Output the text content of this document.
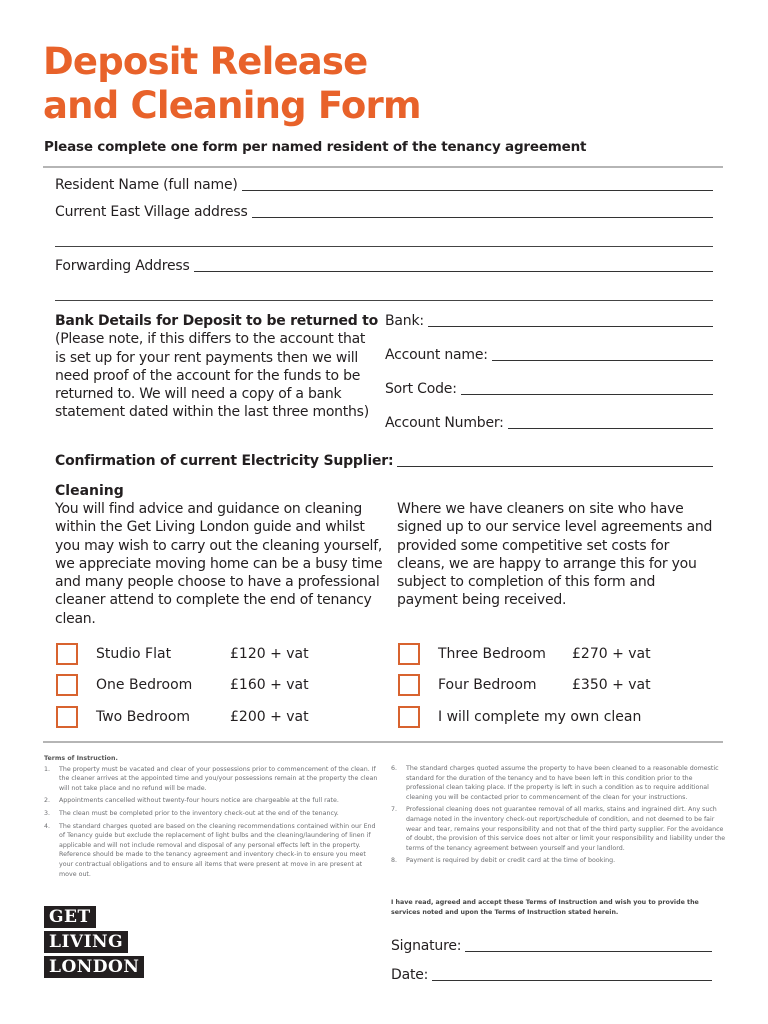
Deposit Release
and Cleaning Form
Please complete one form per named resident of the tenancy agreement
Resident Name (full name)
Current East Village address
Forwarding Address
Bank Details for Deposit to be returned to
(Please note, if this differs to the account that is set up for your rent payments then we will need proof of the account for the funds to be returned to. We will need a copy of a bank statement dated within the last three months)
Bank:
Account name:
Sort Code:
Account Number:
Confirmation of current Electricity Supplier:
Cleaning
You will find advice and guidance on cleaning within the Get Living London guide and whilst you may wish to carry out the cleaning yourself, we appreciate moving home can be a busy time and many people choose to have a professional cleaner attend to complete the end of tenancy clean.
Where we have cleaners on site who have signed up to our service level agreements and provided some competitive set costs for cleans, we are happy to arrange this for you subject to completion of this form and payment being received.
Studio Flat	£120 + vat
One Bedroom	£160 + vat
Two Bedroom	£200 + vat
Three Bedroom £270 + vat
Four Bedroom	£350 + vat
I will complete my own clean
Terms of Instruction.
1.	The property must be vacated and clear of your possessions prior to commencement of the clean. If the cleaner arrives at the appointed time and you/your possessions remain at the property the clean will not take place and no refund will be made.
2.	Appointments cancelled without twenty-four hours notice are chargeable at the full rate.
3.	The clean must be completed prior to the inventory check-out at the end of the tenancy.
4.	The standard charges quoted are based on the cleaning recommendations contained within our End of Tenancy guide but exclude the replacement of light bulbs and the cleaning/laundering of linen if applicable and will not include removal and disposal of any personal effects left in the property. Reference should be made to the tenancy agreement and inventory check-in to ensure you meet your contractual obligations and to ensure all items that were present at move in are present at move out.
6.	The standard charges quoted assume the property to have been cleaned to a reasonable domestic standard for the duration of the tenancy and to have been left in this condition prior to the professional clean taking place. If the property is left in such a condition as to require additional cleaning you will be contacted prior to commencement of the clean for your instructions.
7.	Professional cleaning does not guarantee removal of all marks, stains and ingrained dirt. Any such damage noted in the inventory check-out report/schedule of condition, and not deemed to be fair wear and tear, remains your responsibility and not that of the third party supplier. For the avoidance of doubt, the provision of this service does not alter or limit your responsibility and liability under the terms of the tenancy agreement between yourself and your landlord.
8.	Payment is required by debit or credit card at the time of booking.
I have read, agreed and accept these Terms of Instruction and wish you to provide the services noted and upon the Terms of Instruction stated herein.
GET
LIVING
LONDON
Signature:
Date:
